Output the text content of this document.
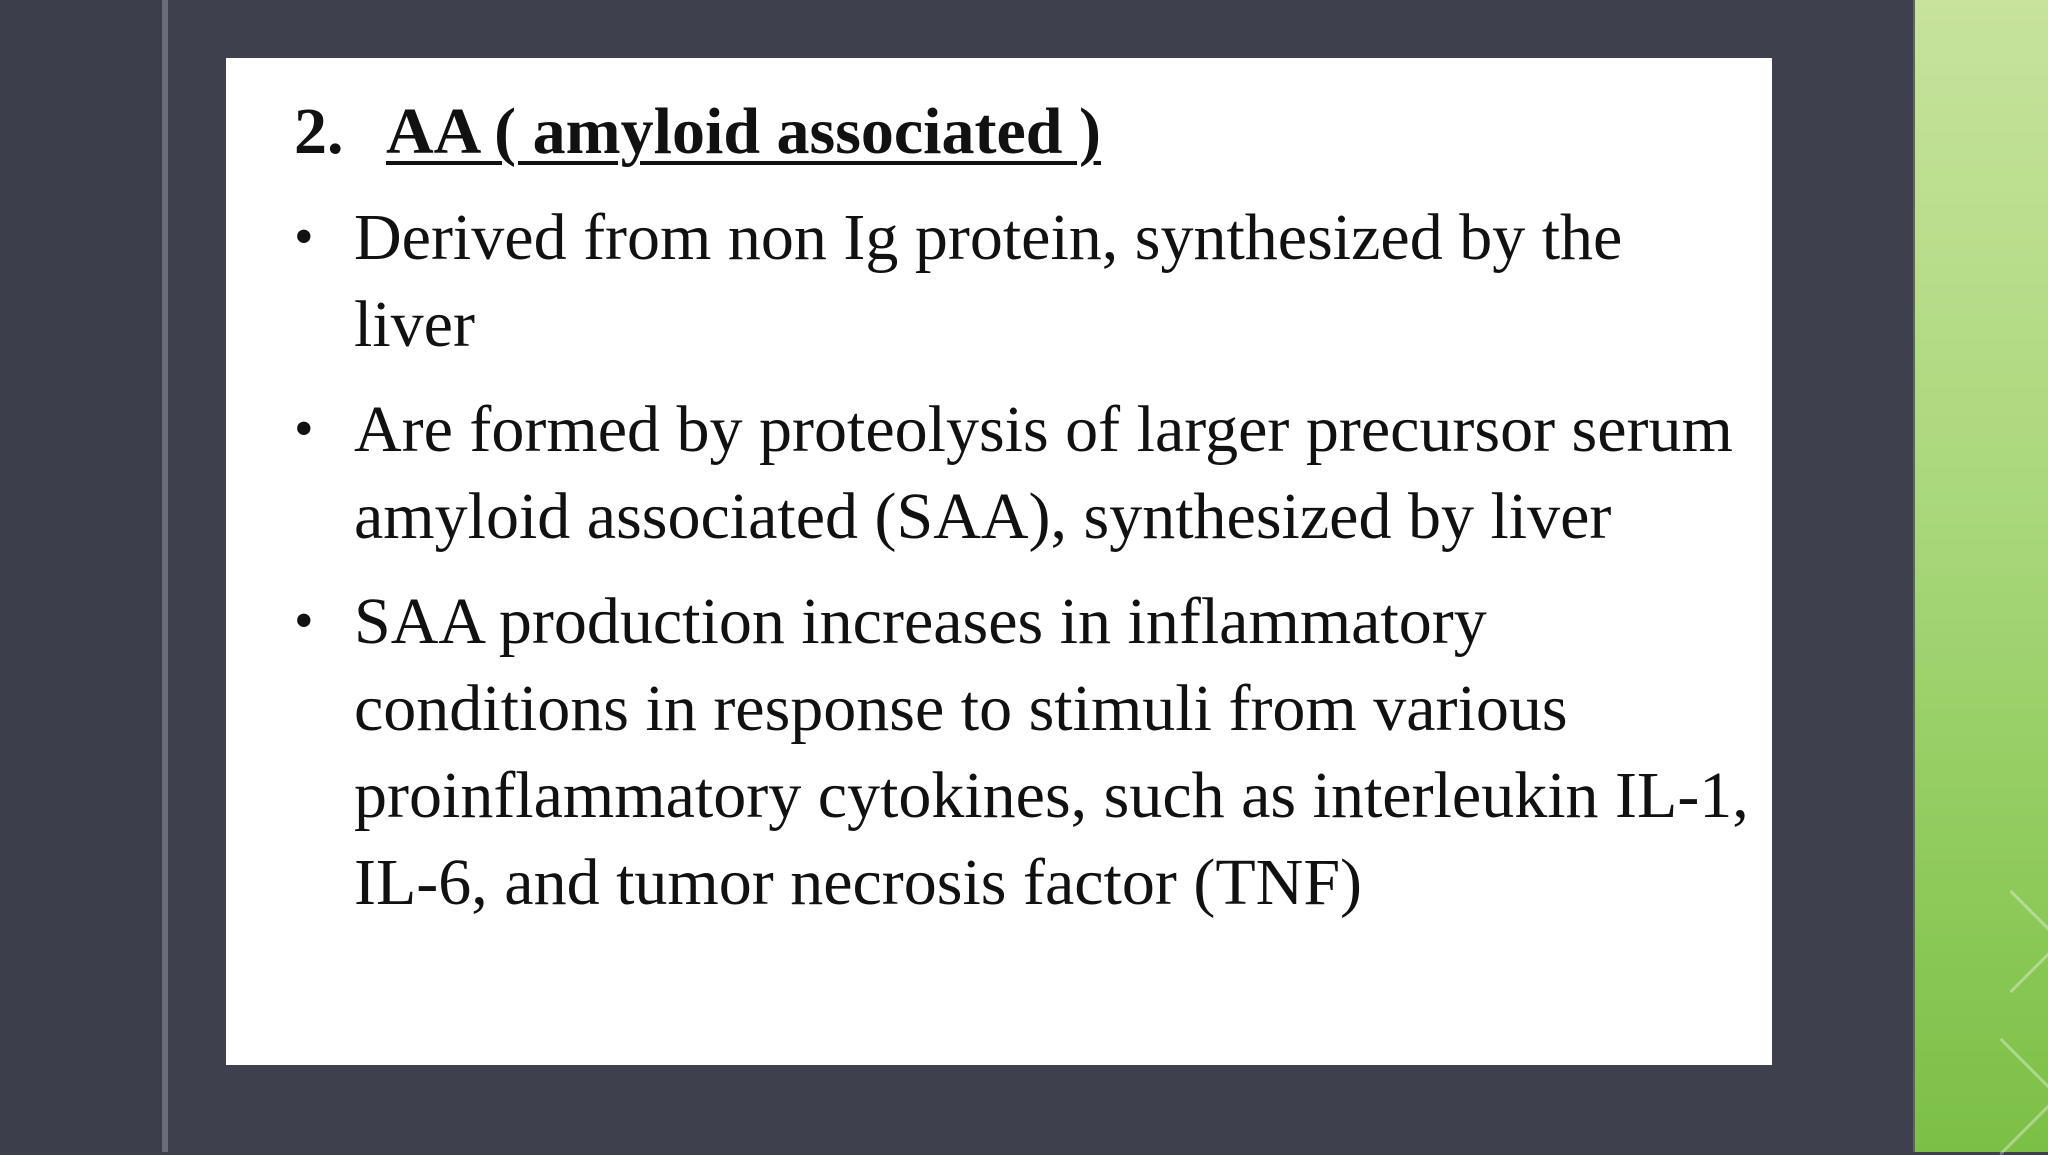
2. AA ( amyloid associated )
• Derived from non Ig protein, synthesized by the liver
• Are formed by proteolysis of larger precursor serum amyloid associated (SAA), synthesized by liver
• SAA production increases in inflammatory conditions in response to stimuli from various proinflammatory cytokines, such as interleukin IL-1, IL-6, and tumor necrosis factor (TNF)
